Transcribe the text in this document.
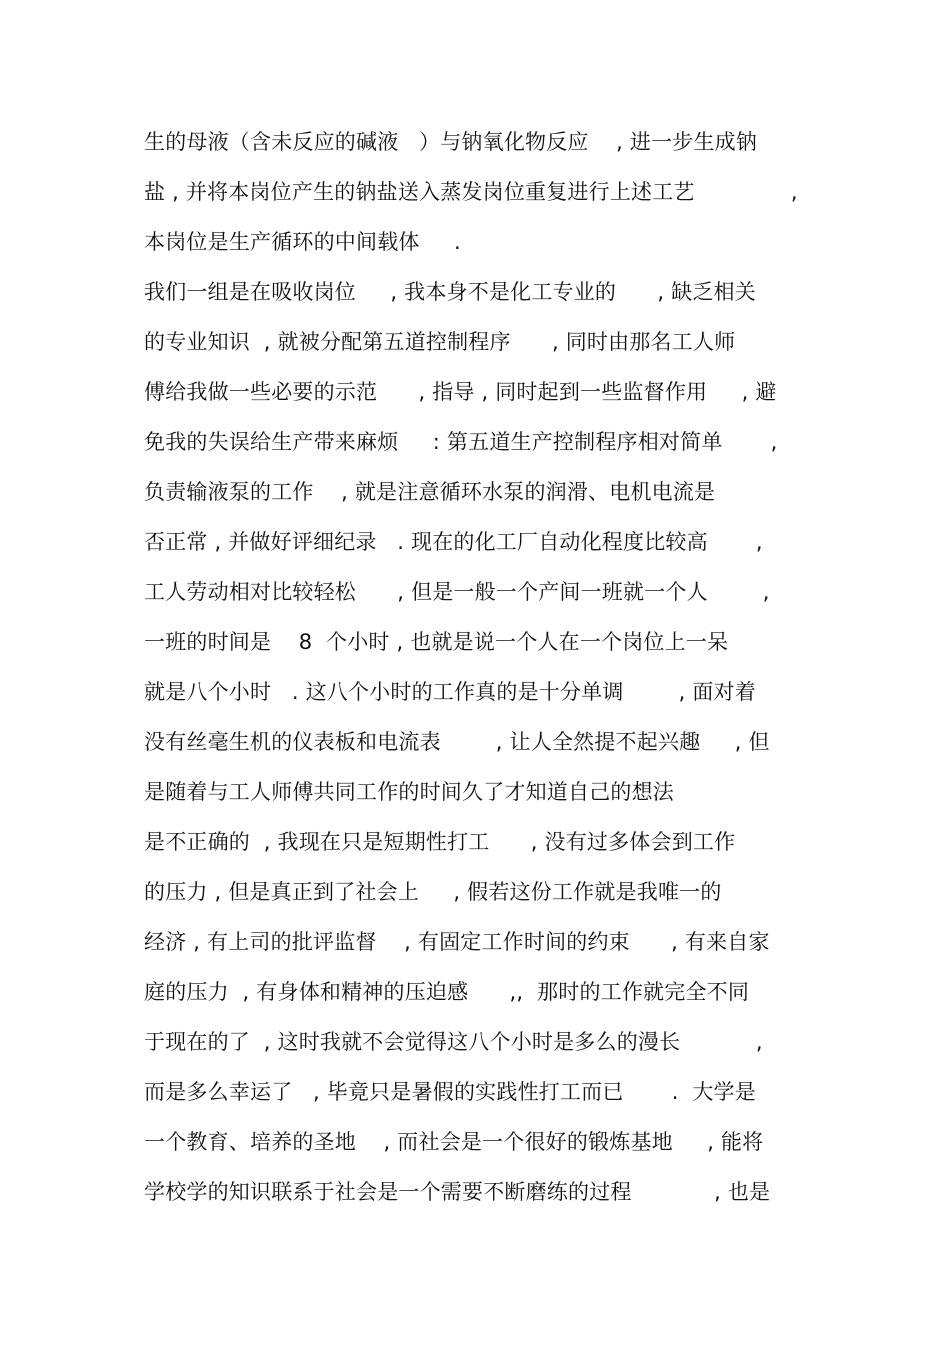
生的母液（含未反应的碱液   ）与钠氧化物反应    , 进一步生成钠
盐 , 并将本岗位产生的钠盐送入蒸发岗位重复进行上述工艺              ,
本岗位是生产循环的中间载体     .
我们一组是在吸收岗位     , 我本身不是化工专业的      , 缺乏相关
的专业知识  , 就被分配第五道控制程序      , 同时由那名工人师
傅给我做一些必要的示范      , 指导 , 同时起到一些监督作用     , 避
免我的失误给生产带来麻烦     : 第五道生产控制程序相对简单       ,
负责输液泵的工作    , 就是注意循环水泵的润滑、电机电流是
否正常 , 并做好评细纪录   . 现在的化工厂自动化程度比较高       ,
工人劳动相对比较轻松      , 但是一般一个产间一班就一个人        ,
一班的时间是    8  个小时 , 也就是说一个人在一个岗位上一呆
就是八个小时   . 这八个小时的工作真的是十分单调        , 面对着
没有丝毫生机的仪表板和电流表        , 让人全然提不起兴趣     , 但
是随着与工人师傅共同工作的时间久了才知道自己的想法
是不正确的  , 我现在只是短期性打工      , 没有过多体会到工作
的压力 , 但是真正到了社会上     , 假若这份工作就是我唯一的
经济 , 有上司的批评监督    , 有固定工作时间的约束      , 有来自家
庭的压力  , 有身体和精神的压迫感      ,,  那时的工作就完全不同
于现在的了  , 这时我就不会觉得这八个小时是多么的漫长           ,
而是多么幸运了   , 毕竟只是暑假的实践性打工而已       .  大学是
一个教育、培养的圣地    , 而社会是一个很好的锻炼基地     , 能将
学校学的知识联系于社会是一个需要不断磨练的过程            , 也是
